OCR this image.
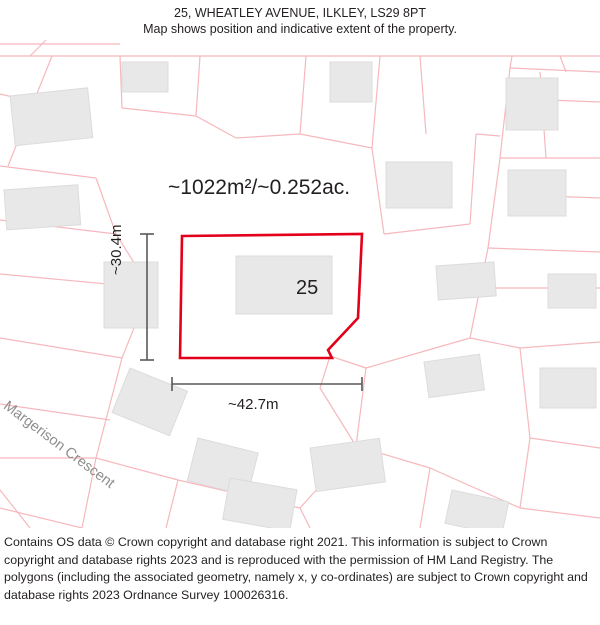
25, WHEATLEY AVENUE, ILKLEY, LS29 8PT
Map shows position and indicative extent of the property.
~1022m²/~0.252ac.
25
~42.7m
~30.4m
Margerison Crescent

Contains OS data © Crown copyright and database right 2021. This information is subject to Crown copyright and database rights 2023 and is reproduced with the permission of HM Land Registry. The polygons (including the associated geometry, namely x, y co-ordinates) are subject to Crown copyright and database rights 2023 Ordnance Survey 100026316.
